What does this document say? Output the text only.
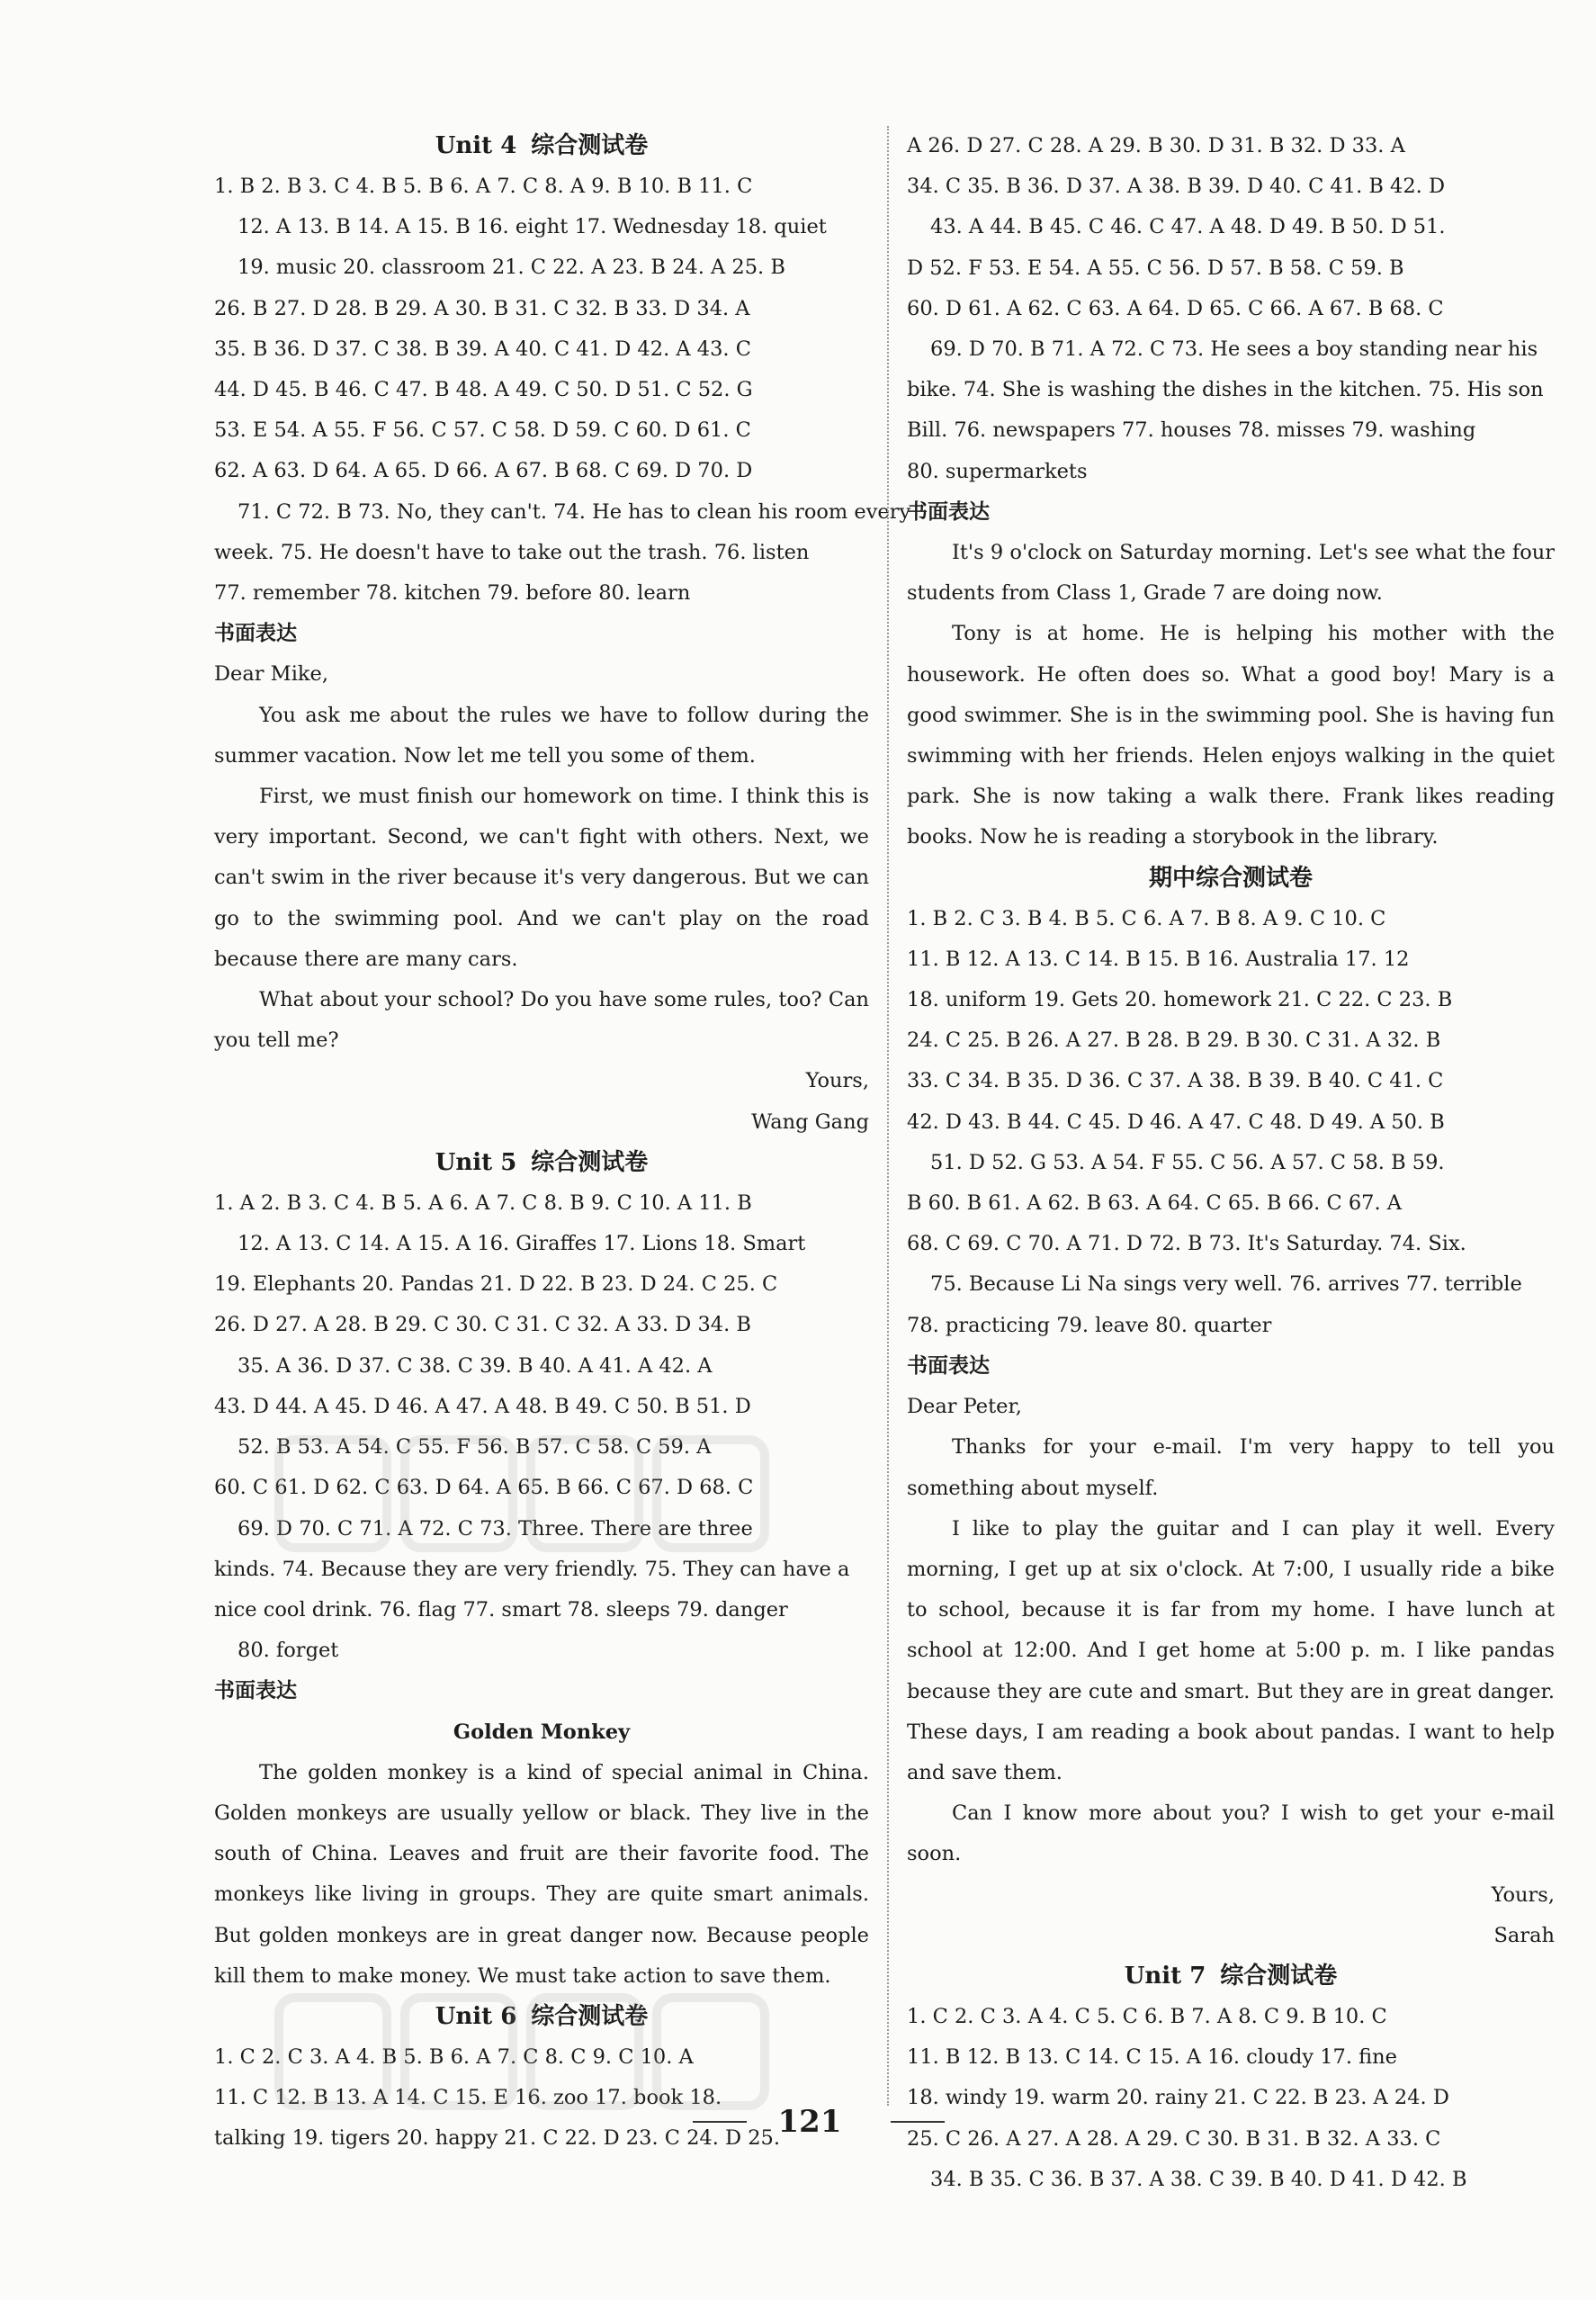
Unit 4 综合测试卷

1. B 2. B 3. C 4. B 5. B 6. A 7. C 8. A 9. B 10. B 11. C
12. A 13. B 14. A 15. B 16. eight 17. Wednesday 18. quiet
19. music 20. classroom 21. C 22. A 23. B 24. A 25. B
26. B 27. D 28. B 29. A 30. B 31. C 32. B 33. D 34. A
35. B 36. D 37. C 38. B 39. A 40. C 41. D 42. A 43. C
44. D 45. B 46. C 47. B 48. A 49. C 50. D 51. C 52. G
53. E 54. A 55. F 56. C 57. C 58. D 59. C 60. D 61. C
62. A 63. D 64. A 65. D 66. A 67. B 68. C 69. D 70. D
71. C 72. B 73. No, they can't. 74. He has to clean his room every
week. 75. He doesn't have to take out the trash. 76. listen
77. remember 78. kitchen 79. before 80. learn

书面表达

Dear Mike,

You ask me about the rules we have to follow during the summer vacation. Now let me tell you some of them.

First, we must finish our homework on time. I think this is very important. Second, we can't fight with others. Next, we can't swim in the river because it's very dangerous. But we can go to the swimming pool. And we can't play on the road because there are many cars.

What about your school? Do you have some rules, too? Can you tell me?

Yours,

Wang Gang

Unit 5 综合测试卷

1. A 2. B 3. C 4. B 5. A 6. A 7. C 8. B 9. C 10. A 11. B
12. A 13. C 14. A 15. A 16. Giraffes 17. Lions 18. Smart
19. Elephants 20. Pandas 21. D 22. B 23. D 24. C 25. C
26. D 27. A 28. B 29. C 30. C 31. C 32. A 33. D 34. B
35. A 36. D 37. C 38. C 39. B 40. A 41. A 42. A
43. D 44. A 45. D 46. A 47. A 48. B 49. C 50. B 51. D
52. B 53. A 54. C 55. F 56. B 57. C 58. C 59. A
60. C 61. D 62. C 63. D 64. A 65. B 66. C 67. D 68. C
69. D 70. C 71. A 72. C 73. Three. There are three
kinds. 74. Because they are very friendly. 75. They can have a
nice cool drink. 76. flag 77. smart 78. sleeps 79. danger
80. forget

书面表达

Golden Monkey

The golden monkey is a kind of special animal in China. Golden monkeys are usually yellow or black. They live in the south of China. Leaves and fruit are their favorite food. The monkeys like living in groups. They are quite smart animals. But golden monkeys are in great danger now. Because people kill them to make money. We must take action to save them.

Unit 6 综合测试卷

1. C 2. C 3. A 4. B 5. B 6. A 7. C 8. C 9. C 10. A
11. C 12. B 13. A 14. C 15. E 16. zoo 17. book 18.
talking 19. tigers 20. happy 21. C 22. D 23. C 24. D 25.
A 26. D 27. C 28. A 29. B 30. D 31. B 32. D 33. A
34. C 35. B 36. D 37. A 38. B 39. D 40. C 41. B 42. D
43. A 44. B 45. C 46. C 47. A 48. D 49. B 50. D 51.
D 52. F 53. E 54. A 55. C 56. D 57. B 58. C 59. B
60. D 61. A 62. C 63. A 64. D 65. C 66. A 67. B 68. C
69. D 70. B 71. A 72. C 73. He sees a boy standing near his
bike. 74. She is washing the dishes in the kitchen. 75. His son
Bill. 76. newspapers 77. houses 78. misses 79. washing
80. supermarkets

书面表达

It's 9 o'clock on Saturday morning. Let's see what the four students from Class 1, Grade 7 are doing now.

Tony is at home. He is helping his mother with the housework. He often does so. What a good boy! Mary is a good swimmer. She is in the swimming pool. She is having fun swimming with her friends. Helen enjoys walking in the quiet park. She is now taking a walk there. Frank likes reading books. Now he is reading a storybook in the library.

期中综合测试卷

1. B 2. C 3. B 4. B 5. C 6. A 7. B 8. A 9. C 10. C
11. B 12. A 13. C 14. B 15. B 16. Australia 17. 12
18. uniform 19. Gets 20. homework 21. C 22. C 23. B
24. C 25. B 26. A 27. B 28. B 29. B 30. C 31. A 32. B
33. C 34. B 35. D 36. C 37. A 38. B 39. B 40. C 41. C
42. D 43. B 44. C 45. D 46. A 47. C 48. D 49. A 50. B
51. D 52. G 53. A 54. F 55. C 56. A 57. C 58. B 59.
B 60. B 61. A 62. B 63. A 64. C 65. B 66. C 67. A
68. C 69. C 70. A 71. D 72. B 73. It's Saturday. 74. Six.
75. Because Li Na sings very well. 76. arrives 77. terrible
78. practicing 79. leave 80. quarter

书面表达

Dear Peter,

Thanks for your e-mail. I'm very happy to tell you something about myself.

I like to play the guitar and I can play it well. Every morning, I get up at six o'clock. At 7:00, I usually ride a bike to school, because it is far from my home. I have lunch at school at 12:00. And I get home at 5:00 p. m. I like pandas because they are cute and smart. But they are in great danger. These days, I am reading a book about pandas. I want to help and save them.

Can I know more about you? I wish to get your e-mail soon.

Yours,

Sarah

Unit 7 综合测试卷

1. C 2. C 3. A 4. C 5. C 6. B 7. A 8. C 9. B 10. C
11. B 12. B 13. C 14. C 15. A 16. cloudy 17. fine
18. windy 19. warm 20. rainy 21. C 22. B 23. A 24. D
25. C 26. A 27. A 28. A 29. C 30. B 31. B 32. A 33. C
34. B 35. C 36. B 37. A 38. C 39. B 40. D 41. D 42. B
121
